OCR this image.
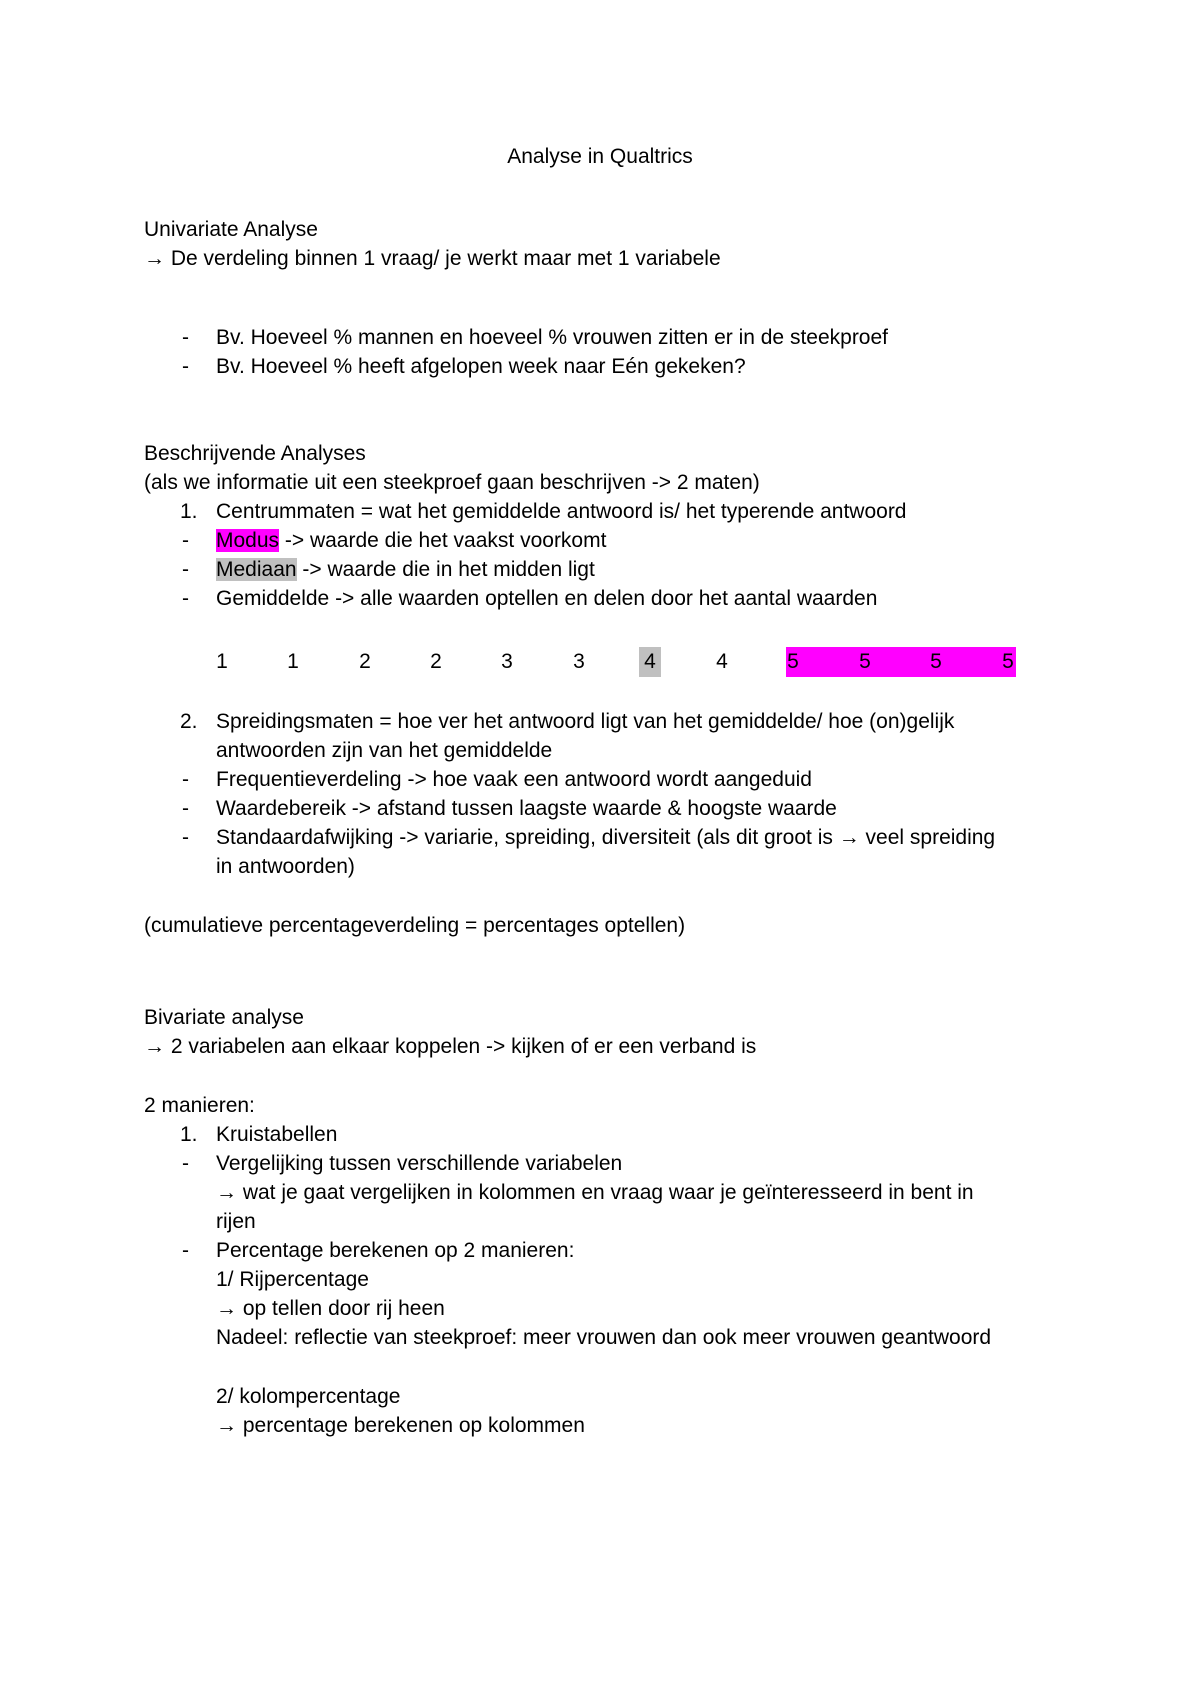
Analyse in Qualtrics
Univariate Analyse
→ De verdeling binnen 1 vraag/ je werkt maar met 1 variabele
- Bv. Hoeveel % mannen en hoeveel % vrouwen zitten er in de steekproef
- Bv. Hoeveel % heeft afgelopen week naar Eén gekeken?
Beschrijvende Analyses
(als we informatie uit een steekproef gaan beschrijven -> 2 maten)
1. Centrummaten = wat het gemiddelde antwoord is/ het typerende antwoord
- Modus -> waarde die het vaakst voorkomt
- Mediaan -> waarde die in het midden ligt
- Gemiddelde -> alle waarden optellen en delen door het aantal waarden
1	1	2	2	3	3	4	4	5	5	5	5
2. Spreidingsmaten = hoe ver het antwoord ligt van het gemiddelde/ hoe (on)gelijk
antwoorden zijn van het gemiddelde
- Frequentieverdeling -> hoe vaak een antwoord wordt aangeduid
- Waardebereik -> afstand tussen laagste waarde & hoogste waarde
- Standaardafwijking -> variarie, spreiding, diversiteit (als dit groot is → veel spreiding
in antwoorden)
(cumulatieve percentageverdeling = percentages optellen)
Bivariate analyse
→ 2 variabelen aan elkaar koppelen -> kijken of er een verband is
2 manieren:
1. Kruistabellen
- Vergelijking tussen verschillende variabelen
→ wat je gaat vergelijken in kolommen en vraag waar je geïnteresseerd in bent in
rijen
- Percentage berekenen op 2 manieren:
1/ Rijpercentage
→ op tellen door rij heen
Nadeel: reflectie van steekproef: meer vrouwen dan ook meer vrouwen geantwoord
2/ kolompercentage
→ percentage berekenen op kolommen
